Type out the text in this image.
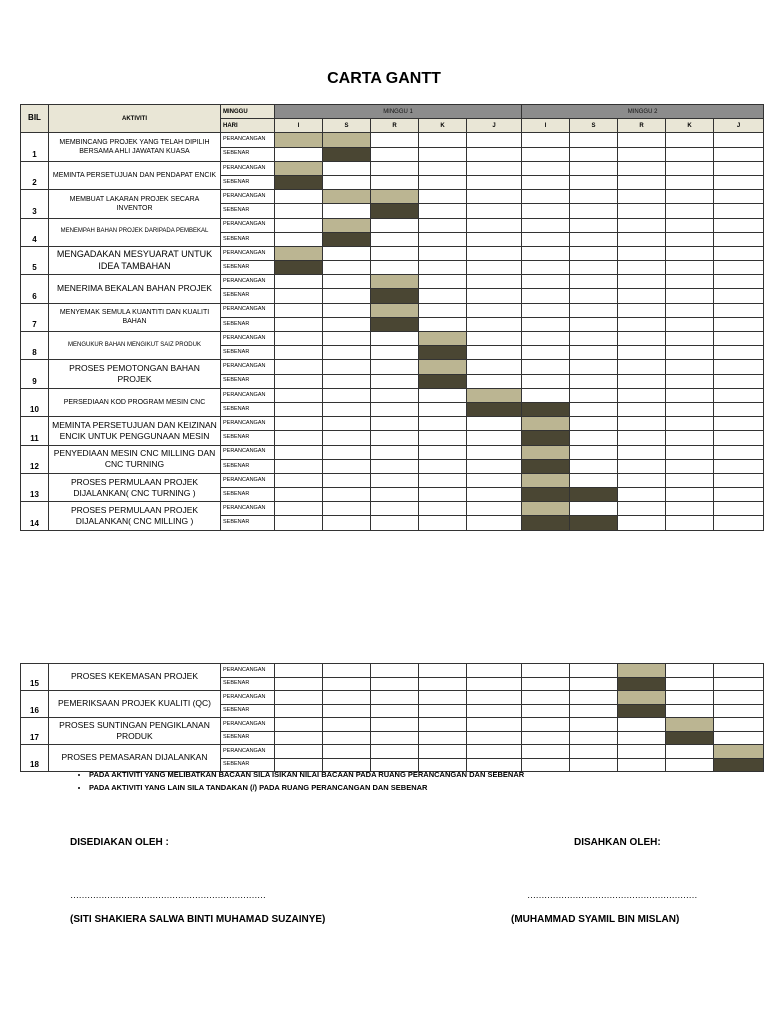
CARTA GANTT
BIL	AKTIVITI	MINGGU	MINGGU 1					MINGGU 2				
		HARI	I	S	R	K	J	I	S	R	K	J
1	MEMBINCANG PROJEK YANG TELAH DIPILIH BERSAMA AHLI JAWATAN KUASA	PERANCANGAN										
		SEBENAR										
2	MEMINTA PERSETUJUAN DAN PENDAPAT ENCIK	PERANCANGAN										
		SEBENAR										
3	MEMBUAT LAKARAN PROJEK SECARA INVENTOR	PERANCANGAN										
		SEBENAR										
4	MENEMPAH BAHAN PROJEK DARIPADA PEMBEKAL	PERANCANGAN										
		SEBENAR										
5	MENGADAKAN MESYUARAT UNTUK IDEA TAMBAHAN	PERANCANGAN										
		SEBENAR										
6	MENERIMA BEKALAN BAHAN PROJEK	PERANCANGAN										
		SEBENAR										
7	MENYEMAK SEMULA KUANTITI DAN KUALITI BAHAN	PERANCANGAN										
		SEBENAR										
8	MENGUKUR BAHAN MENGIKUT SAIZ PRODUK	PERANCANGAN										
		SEBENAR										
9	PROSES PEMOTONGAN BAHAN PROJEK	PERANCANGAN										
		SEBENAR										
10	PERSEDIAAN KOD PROGRAM MESIN CNC	PERANCANGAN										
		SEBENAR										
11	MEMINTA PERSETUJUAN DAN KEIZINAN ENCIK UNTUK PENGGUNAAN MESIN	PERANCANGAN										
		SEBENAR										
12	PENYEDIAAN MESIN CNC MILLING DAN CNC TURNING	PERANCANGAN										
		SEBENAR										
13	PROSES PERMULAAN PROJEK DIJALANKAN( CNC TURNING )	PERANCANGAN										
		SEBENAR										
14	PROSES PERMULAAN PROJEK DIJALANKAN( CNC MILLING )	PERANCANGAN										
		SEBENAR										
15	PROSES KEKEMASAN PROJEK	PERANCANGAN										
		SEBENAR										
16	PEMERIKSAAN PROJEK KUALITI (QC)	PERANCANGAN										
		SEBENAR										
17	PROSES SUNTINGAN PENGIKLANAN PRODUK	PERANCANGAN										
		SEBENAR										
18	PROSES PEMASARAN DIJALANKAN	PERANCANGAN										
		SEBENAR										
• PADA AKTIVITI YANG MELIBATKAN BACAAN SILA ISIKAN NILAI BACAAN PADA RUANG PERANCANGAN DAN SEBENAR
• PADA AKTIVITI YANG LAIN SILA TANDAKAN (/) PADA RUANG PERANCANGAN DAN SEBENAR
DISEDIAKAN OLEH :	DISAHKAN OLEH:
……………………………………………………………	……………………………………………………
(SITI SHAKIERA SALWA BINTI MUHAMAD SUZAINYE)	(MUHAMMAD SYAMIL BIN MISLAN)
